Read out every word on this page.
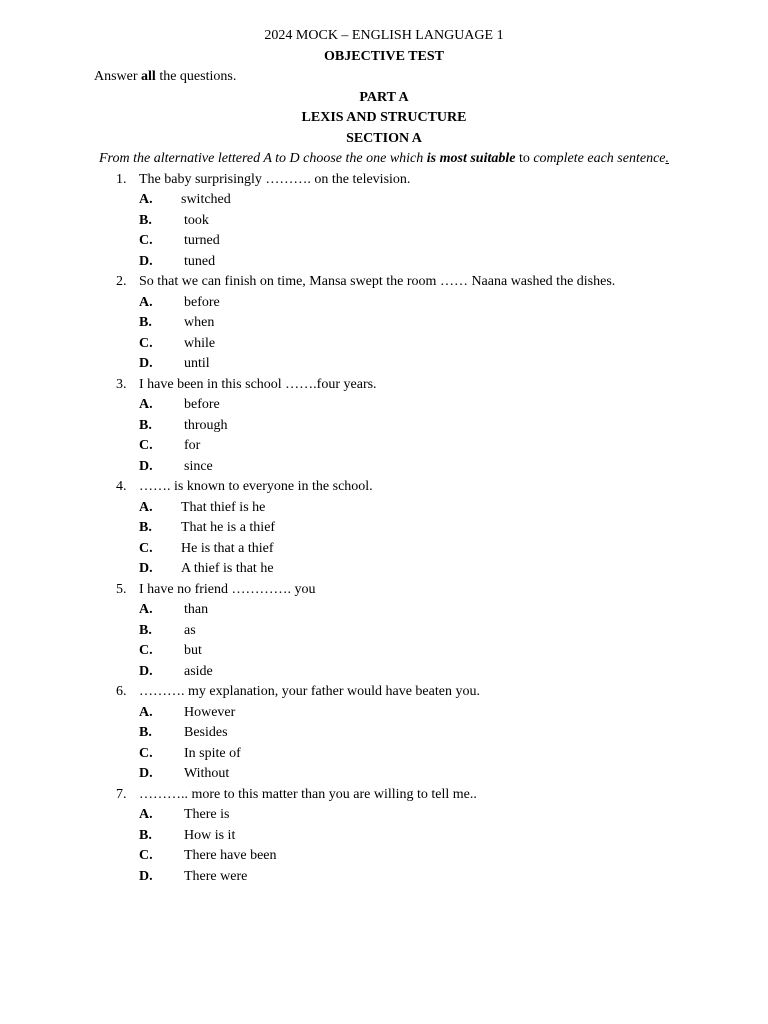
2024 MOCK – ENGLISH LANGUAGE 1
OBJECTIVE TEST

Answer all the questions.

PART A
LEXIS AND STRUCTURE
SECTION A

From the alternative lettered A to D choose the one which is most suitable to complete each sentence.

1. The baby surprisingly ………. on the television.

A. switched

B. took

C. turned

D. tuned

2. So that we can finish on time, Mansa swept the room …… Naana washed the dishes.

A. before

B. when

C. while

D. until

3. I have been in this school …….four years.

A. before

B. through

C. for

D. since

4. ……. is known to everyone in the school.

A. That thief is he

B. That he is a thief

C. He is that a thief

D. A thief is that he

5. I have no friend …………. you

A. than

B. as

C. but

D. aside

6. ………. my explanation, your father would have beaten you.

A. However

B. Besides

C. In spite of

D. Without

7. ……….. more to this matter than you are willing to tell me..

A. There is

B. How is it

C. There have been

D. There were
